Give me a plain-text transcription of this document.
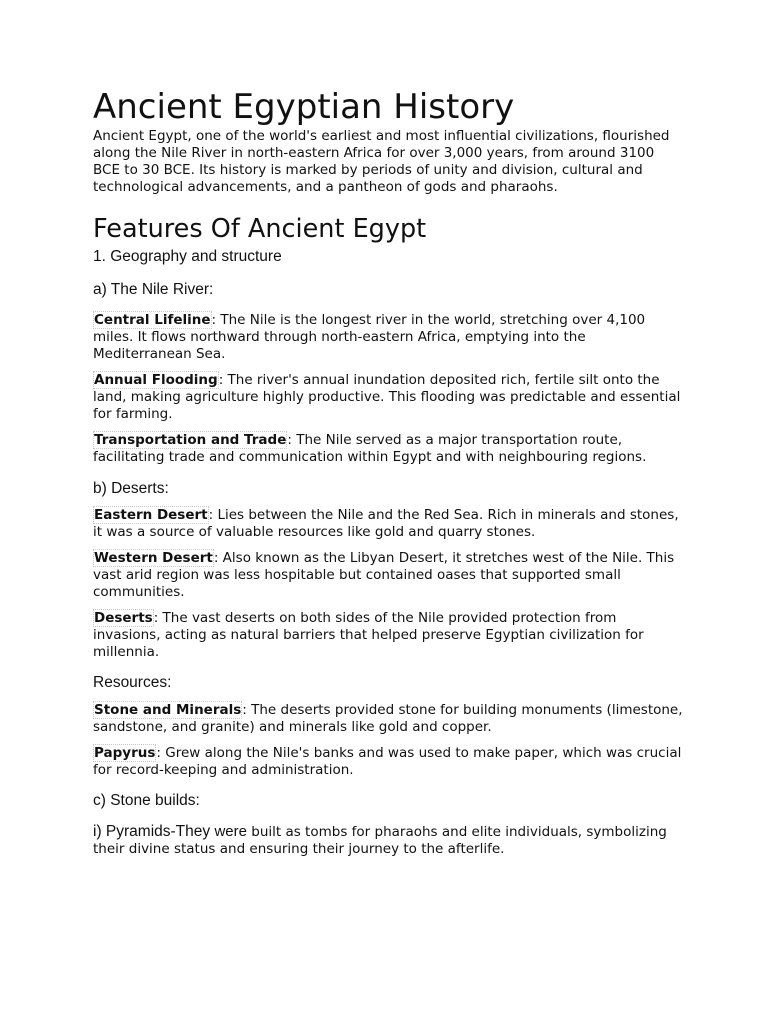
Ancient Egyptian History

Ancient Egypt, one of the world's earliest and most influential civilizations, flourished along the Nile River in north-eastern Africa for over 3,000 years, from around 3100 BCE to 30 BCE. Its history is marked by periods of unity and division, cultural and technological advancements, and a pantheon of gods and pharaohs.

Features Of Ancient Egypt

1. Geography and structure

a) The Nile River:

Central Lifeline: The Nile is the longest river in the world, stretching over 4,100 miles. It flows northward through north-eastern Africa, emptying into the Mediterranean Sea.

Annual Flooding: The river's annual inundation deposited rich, fertile silt onto the land, making agriculture highly productive. This flooding was predictable and essential for farming.

Transportation and Trade: The Nile served as a major transportation route, facilitating trade and communication within Egypt and with neighbouring regions.

b) Deserts:

Eastern Desert: Lies between the Nile and the Red Sea. Rich in minerals and stones, it was a source of valuable resources like gold and quarry stones.

Western Desert: Also known as the Libyan Desert, it stretches west of the Nile. This vast arid region was less hospitable but contained oases that supported small communities.

Deserts: The vast deserts on both sides of the Nile provided protection from invasions, acting as natural barriers that helped preserve Egyptian civilization for millennia.

Resources:

Stone and Minerals: The deserts provided stone for building monuments (limestone, sandstone, and granite) and minerals like gold and copper.

Papyrus: Grew along the Nile's banks and was used to make paper, which was crucial for record-keeping and administration.

c) Stone builds:

i) Pyramids-They were built as tombs for pharaohs and elite individuals, symbolizing their divine status and ensuring their journey to the afterlife.
